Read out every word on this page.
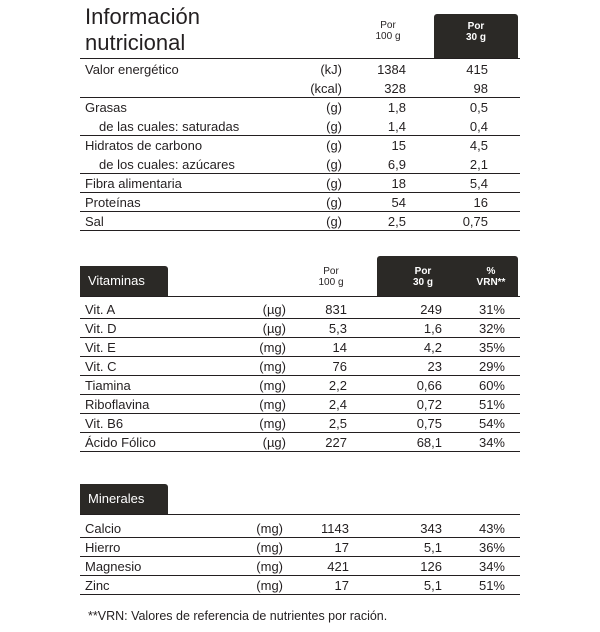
Información
nutricional
Por
100 g
Por
30 g
Valor energético	(kJ)	1384	415
(kcal)	328	98
Grasas	(g)	1,8	0,5
de las cuales: saturadas	(g)	1,4	0,4
Hidratos de carbono	(g)	15	4,5
de los cuales: azúcares	(g)	6,9	2,1
Fibra alimentaria	(g)	18	5,4
Proteínas	(g)	54	16
Sal	(g)	2,5	0,75
Vitaminas
Por
100 g
Por
30 g
%
VRN**
Vit. A	(µg)	831	249	31%
Vit. D	(µg)	5,3	1,6	32%
Vit. E	(mg)	14	4,2	35%
Vit. C	(mg)	76	23	29%
Tiamina	(mg)	2,2	0,66	60%
Riboflavina	(mg)	2,4	0,72	51%
Vit. B6	(mg)	2,5	0,75	54%
Ácido Fólico	(µg)	227	68,1	34%
Minerales
Calcio	(mg)	1143	343	43%
Hierro	(mg)	17	5,1	36%
Magnesio	(mg)	421	126	34%
Zinc	(mg)	17	5,1	51%
**VRN: Valores de referencia de nutrientes por ración.
